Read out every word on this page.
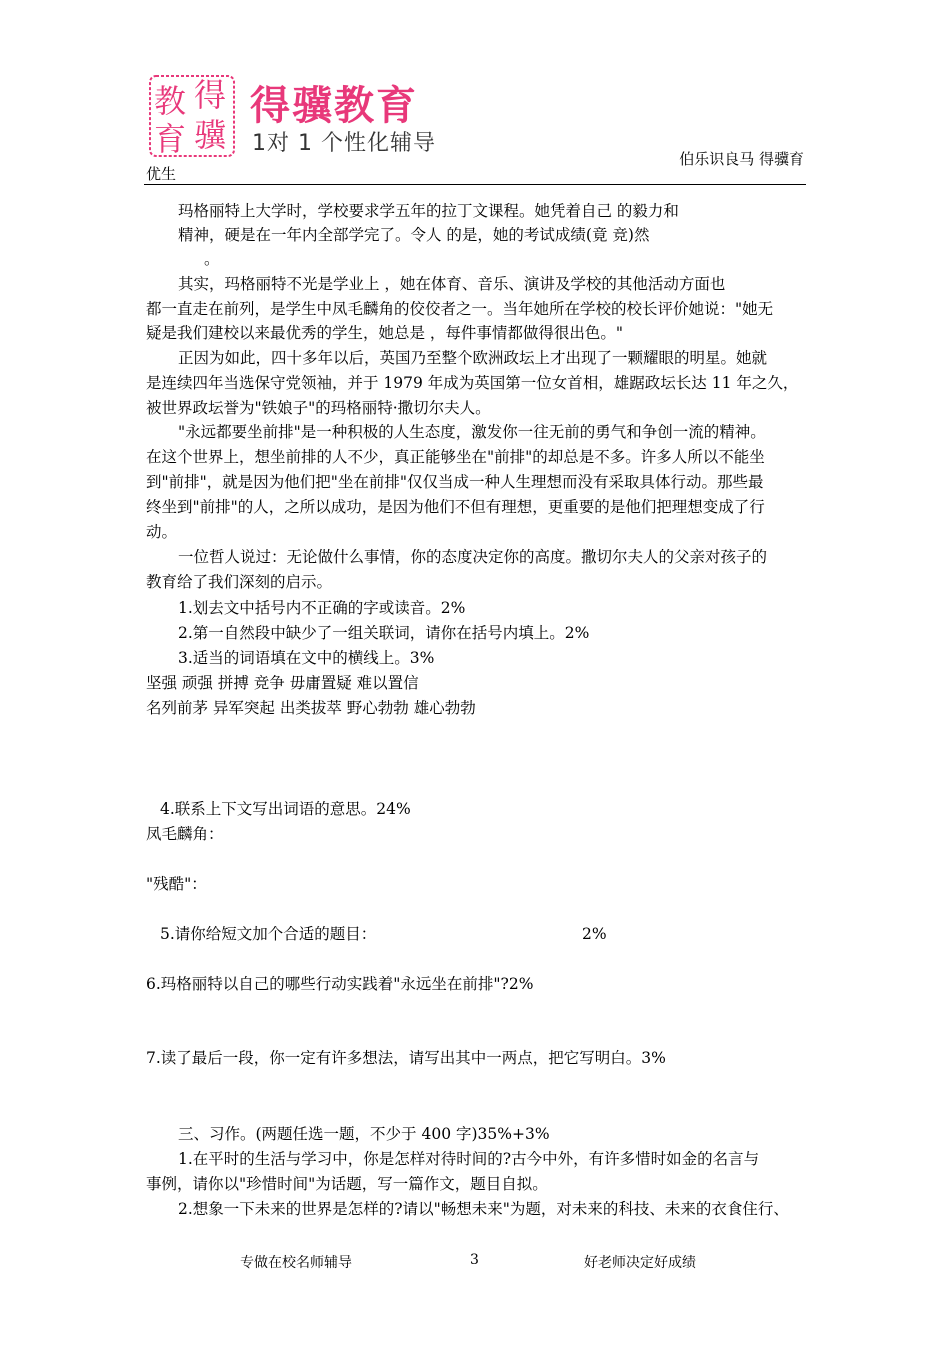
教 得
育 骥
得骥教育
1对 1 个性化辅导
伯乐识良马 得骥育
优生
玛格丽特上大学时，学校要求学五年的拉丁文课程。她凭着自己 的毅力和
精神，硬是在一年内全部学完了。令人 的是，她的考试成绩(竟 竞)然
。
其实，玛格丽特不光是学业上 ，她在体育、音乐、演讲及学校的其他活动方面也
都一直走在前列，是学生中凤毛麟角的佼佼者之一。当年她所在学校的校长评价她说："她无
疑是我们建校以来最优秀的学生，她总是 ，每件事情都做得很出色。"
正因为如此，四十多年以后，英国乃至整个欧洲政坛上才出现了一颗耀眼的明星。她就
是连续四年当选保守党领袖，并于 1979 年成为英国第一位女首相，雄踞政坛长达 11 年之久，
被世界政坛誉为"铁娘子"的玛格丽特·撒切尔夫人。
"永远都要坐前排"是一种积极的人生态度，激发你一往无前的勇气和争创一流的精神。
在这个世界上，想坐前排的人不少，真正能够坐在"前排"的却总是不多。许多人所以不能坐
到"前排"，就是因为他们把"坐在前排"仅仅当成一种人生理想而没有采取具体行动。那些最
终坐到"前排"的人，之所以成功，是因为他们不但有理想，更重要的是他们把理想变成了行
动。
一位哲人说过：无论做什么事情，你的态度决定你的高度。撒切尔夫人的父亲对孩子的
教育给了我们深刻的启示。
1.划去文中括号内不正确的字或读音。2%
2.第一自然段中缺少了一组关联词，请你在括号内填上。2%
3.适当的词语填在文中的横线上。3%
坚强 顽强 拼搏 竞争 毋庸置疑 难以置信
名列前茅 异军突起 出类拔萃 野心勃勃 雄心勃勃
4.联系上下文写出词语的意思。24%
凤毛麟角：
"残酷"：
5.请你给短文加个合适的题目：	2%
6.玛格丽特以自己的哪些行动实践着"永远坐在前排"?2%
7.读了最后一段，你一定有许多想法，请写出其中一两点，把它写明白。3%
三、习作。(两题任选一题，不少于 400 字)35%+3%
1.在平时的生活与学习中，你是怎样对待时间的?古今中外，有许多惜时如金的名言与
事例，请你以"珍惜时间"为话题，写一篇作文，题目自拟。
2.想象一下未来的世界是怎样的?请以"畅想未来"为题，对未来的科技、未来的衣食住行、
专做在校名师辅导	3	好老师决定好成绩
